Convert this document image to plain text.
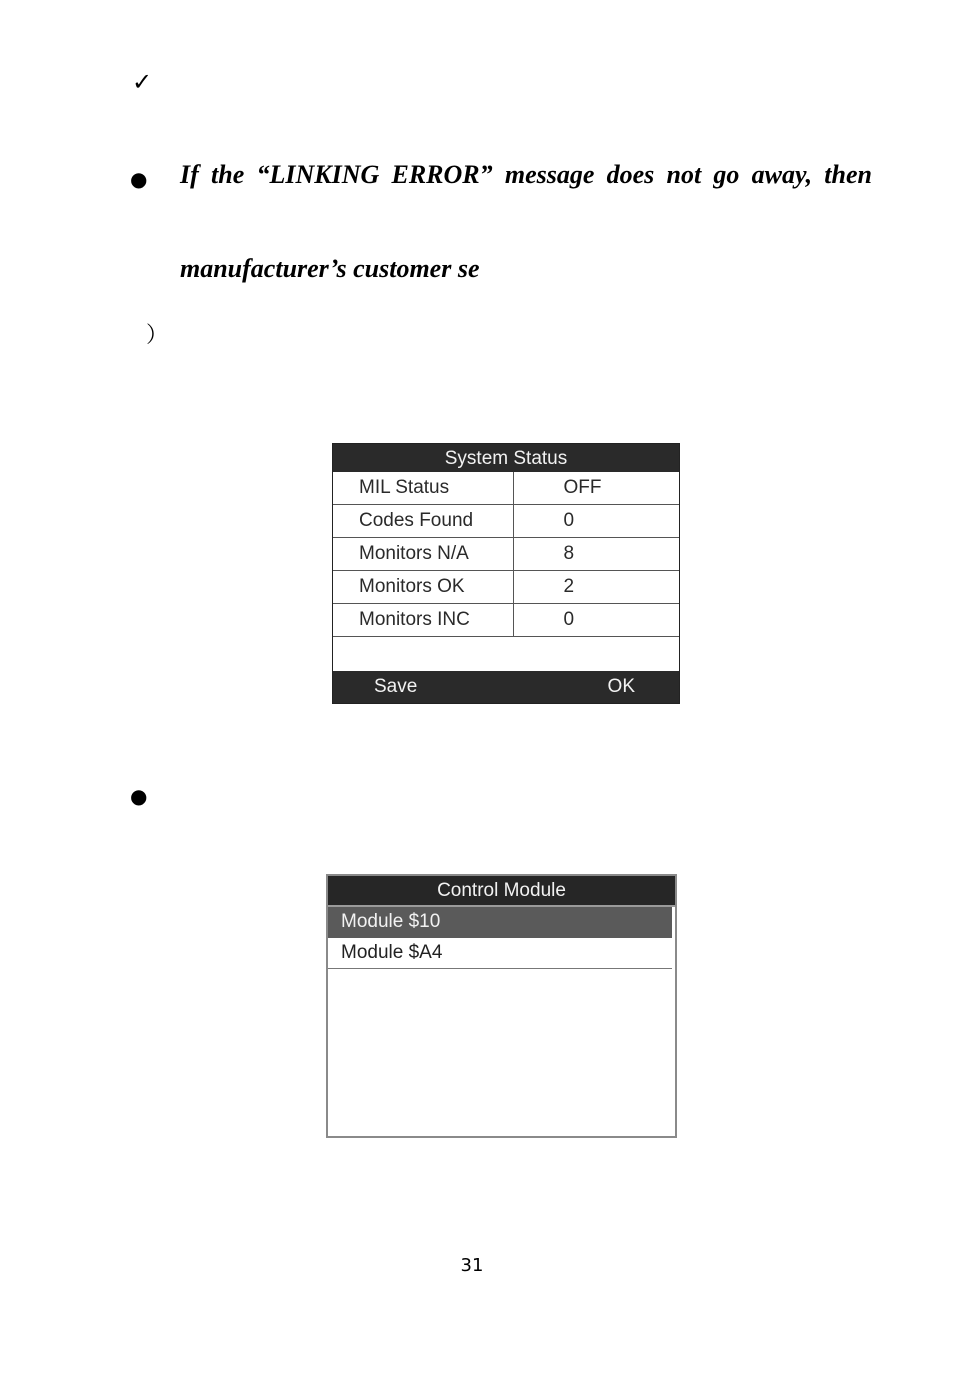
✓
● If the “LINKING ERROR” message does not go away, then
manufacturer’s customer se
）
System Status
MIL Status	OFF
Codes Found	0
Monitors N/A	8
Monitors OK	2
Monitors INC	0
Save	OK
●
Control Module
Module $10
Module $A4
31
